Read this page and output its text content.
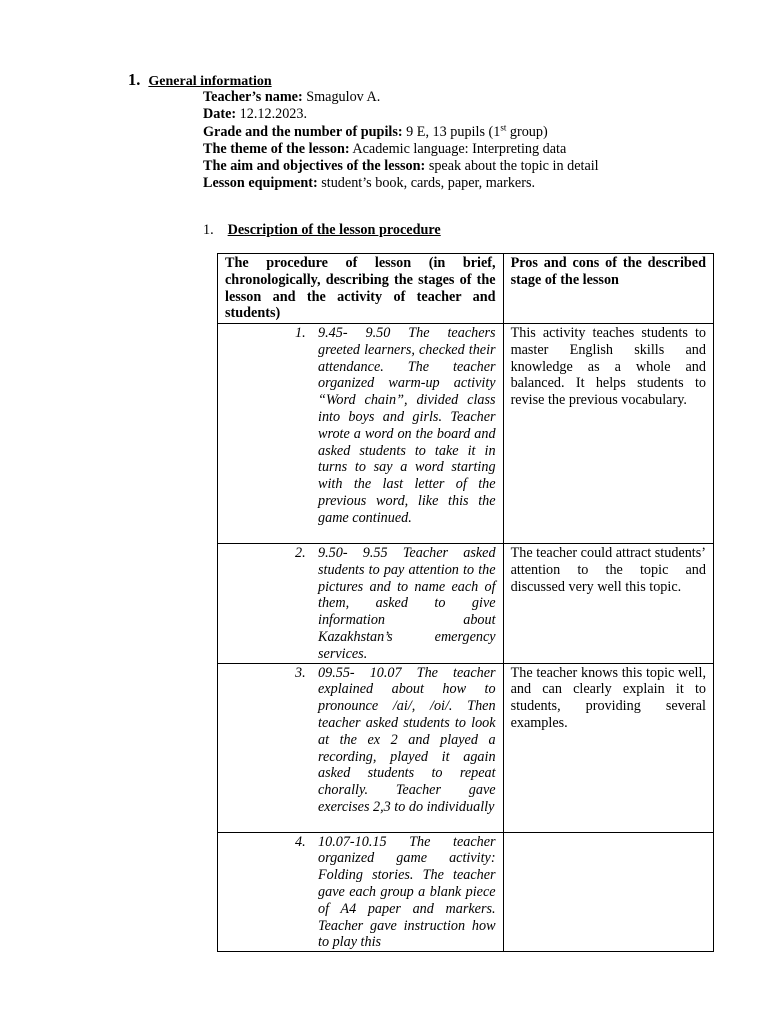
1. General information
Teacher’s name: Smagulov A.
Date: 12.12.2023.
Grade and the number of pupils: 9 E, 13 pupils (1st group)
The theme of the lesson: Academic language: Interpreting data
The aim and objectives of the lesson: speak about the topic in detail
Lesson equipment: student’s book, cards, paper, markers.
1. Description of the lesson procedure
The procedure of lesson (in brief, chronologically, describing the stages of the lesson and the activity of teacher and students)	Pros and cons of the described stage of the lesson

1. 9.45- 9.50 The teachers greeted learners, checked their attendance. The teacher organized warm-up activity “Word chain”, divided class into boys and girls. Teacher wrote a word on the board and asked students to take it in turns to say a word starting with the last letter of the previous word, like this the game continued.	This activity teaches students to master English skills and knowledge as a whole and balanced. It helps students to revise the previous vocabulary.

2. 9.50- 9.55 Teacher asked students to pay attention to the pictures and to name each of them, asked to give information about Kazakhstan’s emergency services.	The teacher could attract students’ attention to the topic and discussed very well this topic.

3. 09.55- 10.07 The teacher explained about how to pronounce /ai/, /oi/. Then teacher asked students to look at the ex 2 and played a recording, played it again asked students to repeat chorally. Teacher gave exercises 2,3 to do individually	The teacher knows this topic well, and can clearly explain it to students, providing several examples.

4. 10.07-10.15 The teacher organized game activity: Folding stories. The teacher gave each group a blank piece of A4 paper and markers. Teacher gave instruction how to play this	
